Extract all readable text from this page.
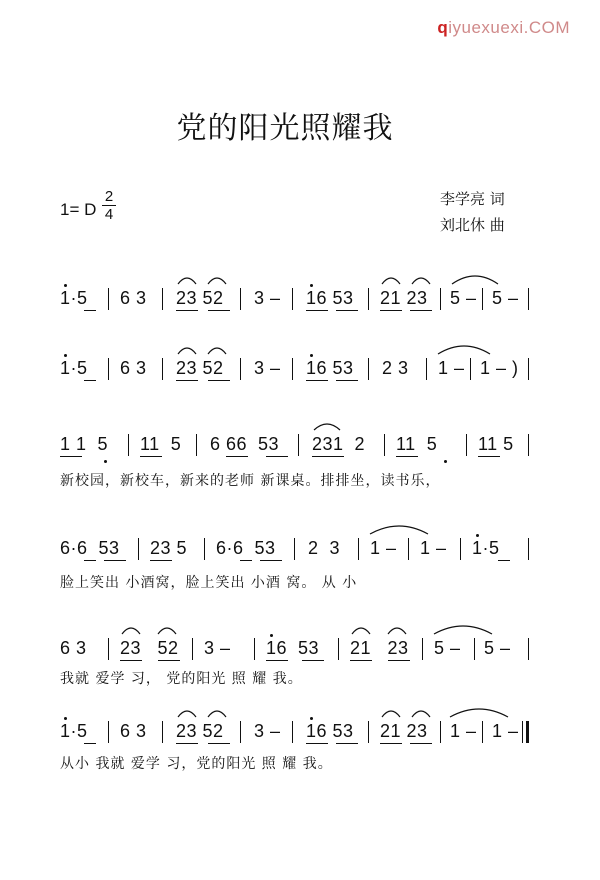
qiyuexuexi.COM
党的阳光照耀我
1= D
2
4
李学亮 词
刘北休 曲
1·5 6 3 23 52 3 – 16 53 21 23 5 – 5 –
1·5 6 3 23 52 3 – 16 53 2 3 1 – 1 – )
新校园，新校车，新来的老师 新课桌。排排坐，读书乐，
1 1  5 11  5 6 66  53 231  2 11  5 11 5
脸上笑出 小酒窝，脸上笑出 小酒 窝。 从 小
6·6  53 23 5 6·6  53 2  3 1 – 1 – 1·5
我就 爱学 习， 党的阳光 照 耀 我。
6 3 23   52 3 – 16  53 21   23 5 – 5 –
从小 我就 爱学 习，党的阳光 照 耀 我。
1·5 6 3 23 52 3 – 16 53 21 23 1 – 1 –
